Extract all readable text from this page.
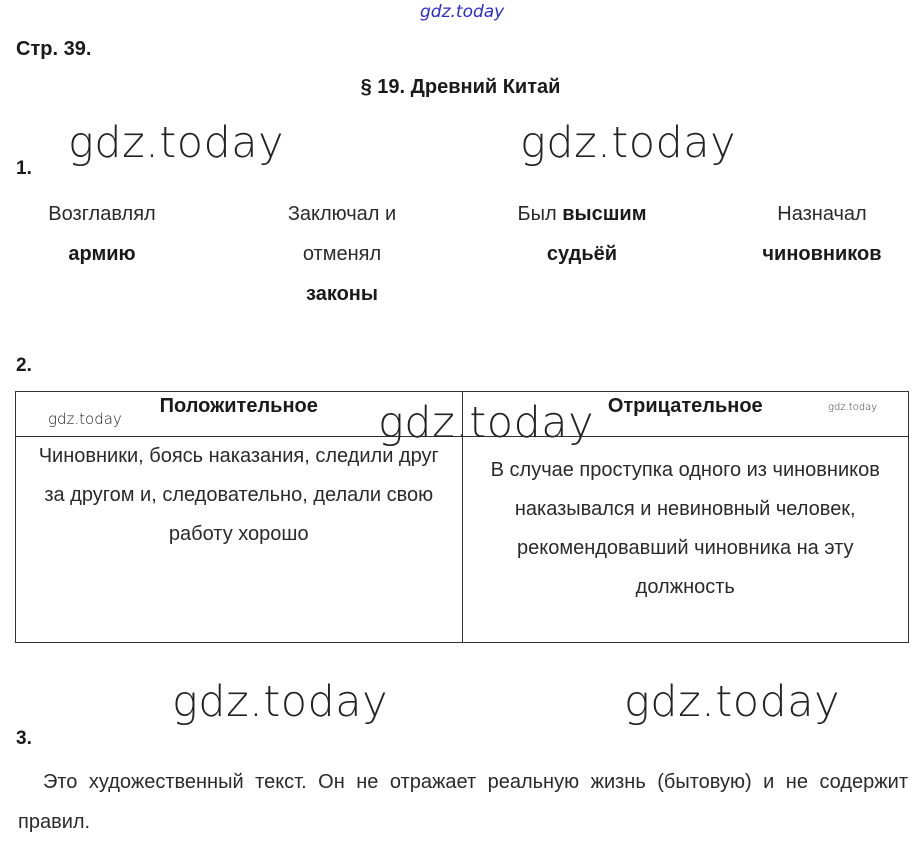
gdz.today
gdz.today	gdz.today
gdz.today	gdz.today
Стр. 39.
§ 19. Древний Китай
1.
Возглавлял
армию
Заключал и отменял
законы
Был высшим
судьёй
Назначал
чиновников
2.
Положительное	Отрицательное
Чиновники, боясь наказания, следили друг за другом и, следовательно, делали свою работу хорошо	В случае проступка одного из чиновников наказывался и невиновный человек, рекомендовавший чиновника на эту должность
gdz.today	gdz.today	gdz.today
3.
Это художественный текст. Он не отражает реальную жизнь (бытовую) и не содержит правил.
